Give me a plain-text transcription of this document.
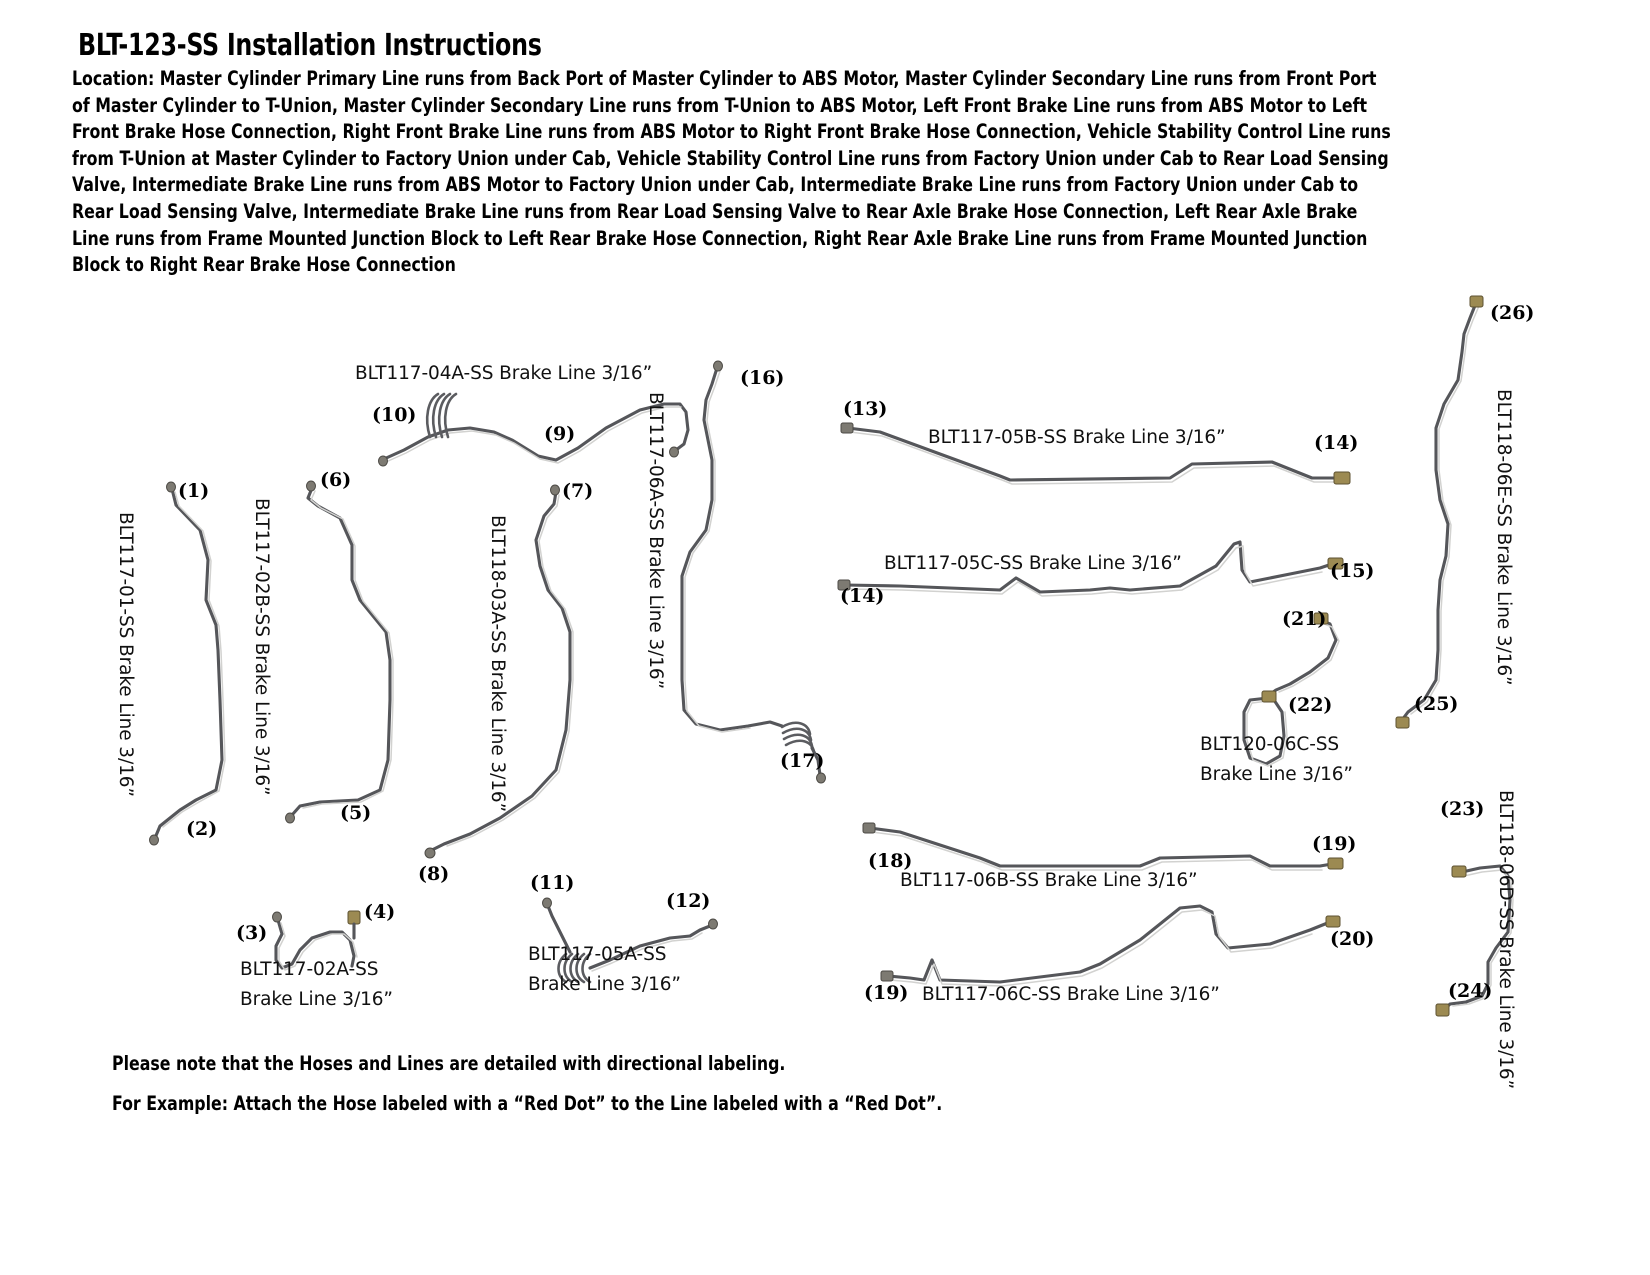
BLT-123-SS Installation Instructions
Location: Master Cylinder Primary Line runs from Back Port of Master Cylinder to ABS Motor, Master Cylinder Secondary Line runs from Front Port of Master Cylinder to T-Union, Master Cylinder Secondary Line runs from T-Union to ABS Motor, Left Front Brake Line runs from ABS Motor to Left Front Brake Hose Connection, Right Front Brake Line runs from ABS Motor to Right Front Brake Hose Connection, Vehicle Stability Control Line runs from T-Union at Master Cylinder to Factory Union under Cab, Vehicle Stability Control Line runs from Factory Union under Cab to Rear Load Sensing Valve, Intermediate Brake Line runs from ABS Motor to Factory Union under Cab, Intermediate Brake Line runs from Factory Union under Cab to Rear Load Sensing Valve, Intermediate Brake Line runs from Rear Load Sensing Valve to Rear Axle Brake Hose Connection, Left Rear Axle Brake Line runs from Frame Mounted Junction Block to Left Rear Brake Hose Connection, Right Rear Axle Brake Line runs from Frame Mounted Junction Block to Right Rear Brake Hose Connection
BLT117-01-SS Brake Line 3/16”	BLT117-02B-SS Brake Line 3/16”
BLT117-04A-SS Brake Line 3/16”
BLT118-03A-SS Brake Line 3/16”	BLT117-06A-SS Brake Line 3/16”	BLT117-05B-SS Brake Line 3/16”
BLT117-05C-SS Brake Line 3/16”	BLT118-06E-SS Brake Line 3/16”
BLT118-06D-SS Brake Line 3/16”
BLT120-06C-SS
Brake Line 3/16”
BLT117-02A-SS
Brake Line 3/16”
BLT117-05A-SS
Brake Line 3/16”
BLT117-06B-SS Brake Line 3/16”
BLT117-06C-SS Brake Line 3/16”
(1)
(2)
(3)
(4)
(5)
(6)	(7)
(8)
(9)
(10)
(11)
(12)
(13)
(14)
(14)
(15)
(16)
(17)
(18)
(19)
(19)
(20)
(21)
(22)
(23)
(24)
(25)
(26)
Please note that the Hoses and Lines are detailed with directional labeling.
For Example: Attach the Hose labeled with a “Red Dot” to the Line labeled with a “Red Dot”.
